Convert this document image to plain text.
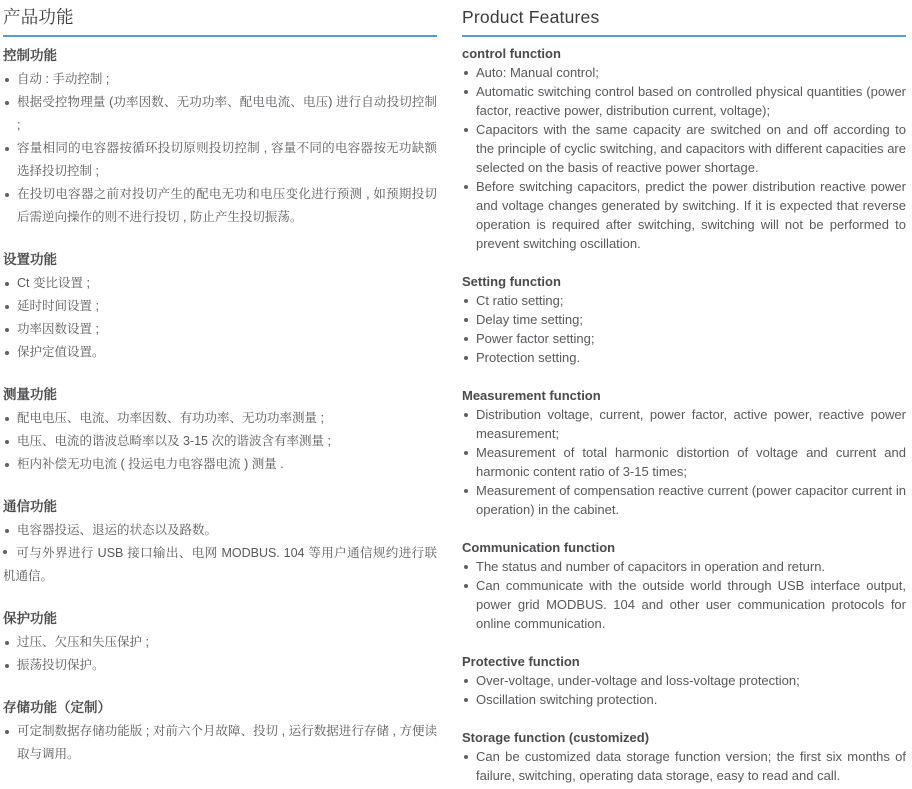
产品功能
控制功能
自动 : 手动控制 ;
根据受控物理量 (功率因数、无功功率、配电电流、电压) 进行自动投切控制 ;
容量相同的电容器按循环投切原则投切控制 , 容量不同的电容器按无功缺额选择投切控制 ;
在投切电容器之前对投切产生的配电无功和电压变化进行预测 , 如预期投切后需逆向操作的则不进行投切 , 防止产生投切振荡。
设置功能
Ct 变比设置 ;
延时时间设置 ;
功率因数设置 ;
保护定值设置。
测量功能
配电电压、电流、功率因数、有功功率、无功功率测量 ;
电压、电流的谐波总畸率以及 3-15 次的谐波含有率测量 ;
柜内补偿无功电流 ( 投运电力电容器电流 ) 测量 .
通信功能
电容器投运、退运的状态以及路数。
可与外界进行 USB 接口输出、电网 MODBUS. 104 等用户通信规约进行联机通信。
保护功能
过压、欠压和失压保护 ;
振荡投切保护。
存储功能（定制）
可定制数据存储功能版 ; 对前六个月故障、投切 , 运行数据进行存储 , 方便读取与调用。
Product Features
control function
Auto: Manual control;
Automatic switching control based on controlled physical quantities (power factor, reactive power, distribution current, voltage);
Capacitors with the same capacity are switched on and off according to the principle of cyclic switching, and capacitors with different capacities are selected on the basis of reactive power shortage.
Before switching capacitors, predict the power distribution reactive power and voltage changes generated by switching. If it is expected that reverse operation is required after switching, switching will not be performed to prevent switching oscillation.
Setting function
Ct ratio setting;
Delay time setting;
Power factor setting;
Protection setting.
Measurement function
Distribution voltage, current, power factor, active power, reactive power measurement;
Measurement of total harmonic distortion of voltage and current and harmonic content ratio of 3-15 times;
Measurement of compensation reactive current (power capacitor current in operation) in the cabinet.
Communication function
The status and number of capacitors in operation and return.
Can communicate with the outside world through USB interface output, power grid MODBUS. 104 and other user communication protocols for online communication.
Protective function
Over-voltage, under-voltage and loss-voltage protection;
Oscillation switching protection.
Storage function (customized)
Can be customized data storage function version; the first six months of failure, switching, operating data storage, easy to read and call.
